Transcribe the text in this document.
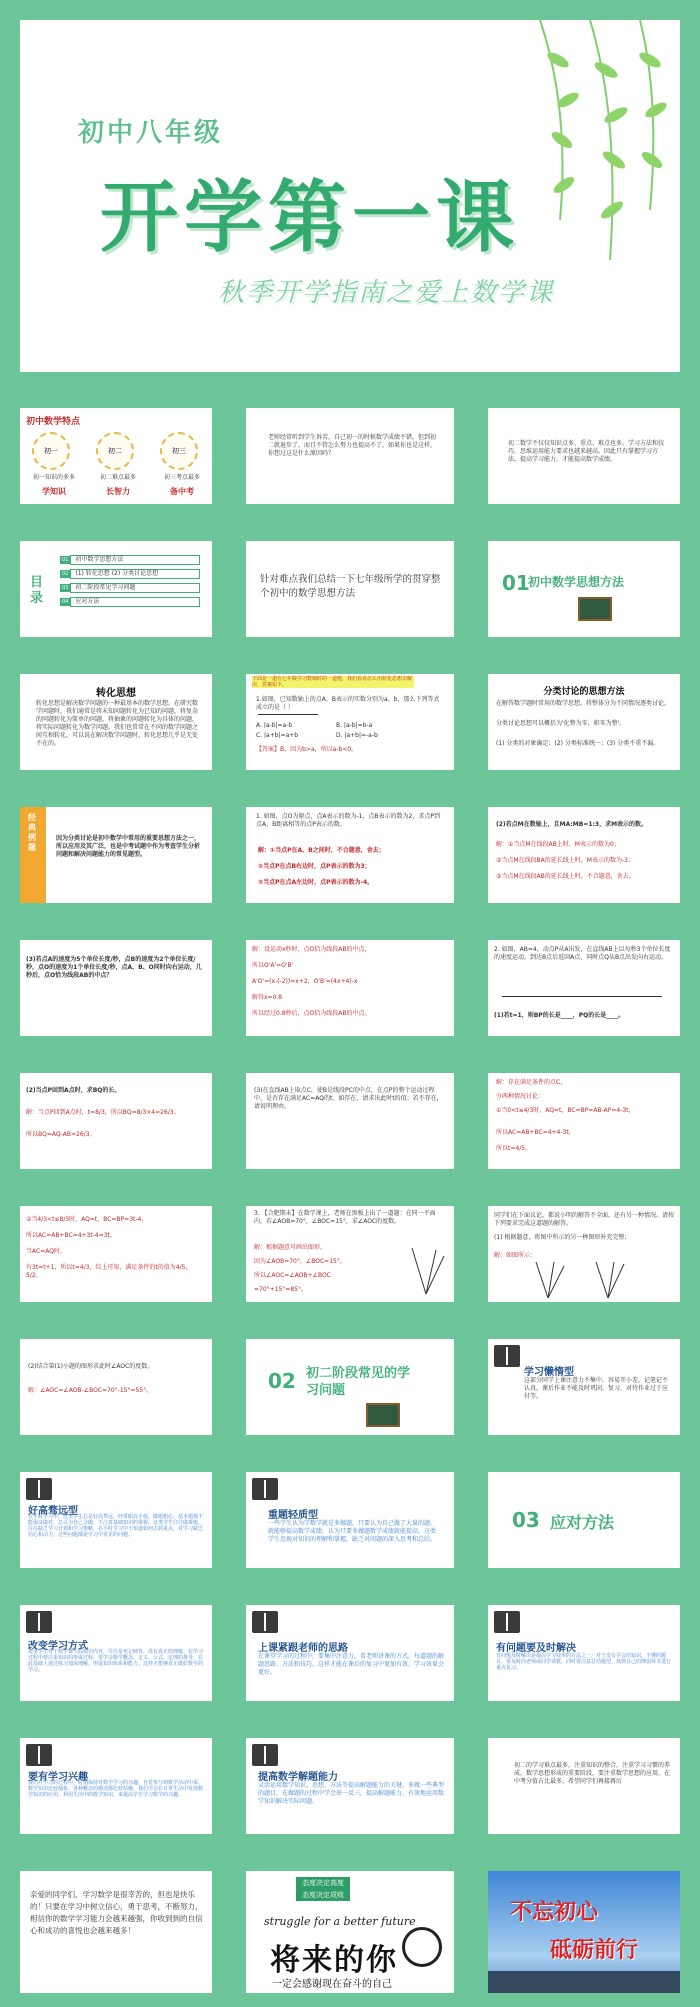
初中八年级
开学第一课
秋季开学指南之爱上数学课
初中数学特点
初一	初二	初三
初一知识的多多	初二难点最多	初三考点最多
学知识	长智力	备中考
老师经常听到学生诉苦，自己初一的时候数学成绩不错，但到初二就退步了，而且不管怎么努力也提高不了，如果你也是这样，你想过这是什么原因吗？
初二数学不仅仅知识点多、重点、难点也多。学习方法和技巧，思维运用能力要求也越来越高。因此只有掌握学习方法，提高学习能力，才能提高数学成绩。
目录
01	初中数学思想方法
02	(1) 转化思想 (2) 分类讨论思想
03	初二阶段常见学习问题
04	应对方法
针对难点我们总结一下七年级所学的贯穿整个初中的数学思想方法	01
初中数学思想方法
转化思想
转化思想是解决数学问题的一种最基本的数学思想。在研究数学问题时，我们通常是将未知问题转化为已知的问题，将复杂的问题转化为简单的问题，将抽象的问题转化为具体的问题，将实际问题转化为数学问题。我们也常常在不同的数学问题之间互相转化，可以说在解决数学问题时，转化思想几乎是无处不在的。
下面是一道在七年级学习数轴时的一道题，我们看看怎么用转化思想去解决，答案如下。
1.如图，已知数轴上的点A、B表示的实数分别为a、b，那么下列等式成立的是（ ）
A. |a-b|=a-b	B. |a-b|=b-a
C. |a+b|=a+b	D. |a+b|=-a-b
【答案】B，因为b>a，所以a-b<0。
分类讨论的思想方法
在解答数学题时常用的数学思想，将整体分为不同情况逐类讨论。
分类讨论思想可以概括为'化整为零，积零为整'。
(1) 分类的对象确定；(2) 分类标准统一；(3) 分类不重不漏。
经典例题
因为分类讨论是初中数学中常用的重要思想方法之一，所以应用及其广泛，也是中考试题中作为考查学生分析问题和解决问题能力的常见题型。
1. 如图，点O为原点，点A表示的数为-1，点B表示的数为2，求点P到点A、B距离相等的点P表示的数。
解：①当点P在A、B之间时，不合题意，舍去；
②当点P在点B右边时，点P表示的数为3；
③当点P在点A左边时，点P表示的数为-4。
(2)若点M在数轴上，且MA:MB=1:3，求M表示的数。
解：①当点M在线段AB上时，M表示的数为0；
②当点M在线段BA的延长线上时，M表示的数为-3；
③当点M在线段AB的延长线上时，不合题意，舍去。
(3)若点A的速度为5个单位长度/秒，点B的速度为2个单位长度/秒，点O的速度为1个单位长度/秒，点A、B、O同时向右运动，几秒后，点O恰为线段AB的中点？
解：设运动x秒时，点O恰为线段AB的中点，
所以O'A'=O'B'
A'O'=(x-(-2))=x+2，O'B'=(4x+4)-x
解得x=0.8
所以经过0.8秒后，点O恰为线段AB的中点。
2. 如图，AB=4，动点P从A出发，在直线AB上以每秒3个单位长度的速度运动，到达B点后返回A点，同时点Q从B点出发向右运动。
(1)若t=1，则BP的长是____，PQ的长是____。
(2)当点P回到A点时，求BQ的长。
解：当点P回到A点时，t=8/3，所以BQ=8/3×4=26/3。
所以BQ=AQ-AB=26/3。
(3)在直线AB上取点C，使B是线段PC的中点，在点P的整个运动过程中，是否存在满足AC=AQ的t，如存在，请求出此时t的值；若不存在，请说明理由。
解：存在满足条件的点C，
分两种情况讨论：
①当0<t≤4/3时，AQ=t，BC=BP=AB-AP=4-3t，
所以AC=AB+BC=4+4-3t，
所以t=4/5。
②当4/3<t≤8/3时，AQ=t，BC=BP=3t-4，
所以AC=AB+BC=4+3t-4=3t，
当AC=AQ时，
有3t=t+1，所以t=4/3，综上可知，满足条件的t的值为4/5，5/2。
3. 【合肥期末】在数学课上，老师在黑板上出了一道题：在同一平面内，若∠AOB=70°，∠BOC=15°，求∠AOC的度数。
解：根据题意可画出图形，
因为∠AOB=70°，∠BOC=15°，
所以∠AOC=∠AOB+∠BOC
=70°+15°=85°。
同学们在下面议论，都说小明的解答不全面，还有另一种情况。请按下列要求完成这道题的解答。
(1) 根据题意，将图中所示的另一种图形补充完整；
解：如图所示：
(2)结合第(1)小题的图形求此时∠AOC的度数。
解：∠AOC=∠AOB-∠BOC=70°-15°=55°。	02 初二阶段常见的学习问题
学习懒惰型
这部分同学上课注意力不集中，容易开小差，记笔记不认真，课后作业不能及时巩固，复习、对待作业过于应付等。
好高骛远型
在平时学习中，这类学生总是好高骛远，经常眼高手低，做题粗心，基本题都不能保证做对，总认为自己会做，不注意基础知识的掌握。这类学生往往做难题，往往缺乏学习计划和学习策略，在平时学习中不知道如何去抓重点，对学习缺乏信心和动力，这些问题都是学习中常见的问题。
重题轻质型
一些学生认为学数学就是多做题，只要认为自己做了大量的题，就能够提高数学成绩，认为只要多做题数学成绩就能提高。这类学生忽视对知识的理解和掌握，缺乏对问题的深入思考和总结。
03 应对方法
改变学习方式
很多学生对于数学课上面知识内容，往往是死记硬背，没有真正的理解。在学习过程中要注重知识的形成过程，要学会数学概念、定义、公式、定理的推导，在此基础上通过练习加深理解，形成知识体系和能力。这样才能够真正做好数学的学习。
上课紧跟老师的思路
在课堂学习的过程中，要集中注意力，看老师讲课的方式，每道题的解题思路、方法和技巧，这样才能在课后的复习中更加有效，学习效果会更好。
有问题要及时解决
有问题及时解决是提高学习效率的方法之一，对于没有学会的知识，不懂的题目，要及时向老师或同学请教，同时要注意总结题型，找到自己的薄弱环节进行重点复习。
要有学习兴趣
我们在学习的过程中，时刻保持对数学学习的兴趣，自觉参与到数学活动中来。数学知识比较抽象，各种概念的描述都比较枯燥，我们学会在日常生活中发现数学知识的应用，利用生活中的数学知识，来提高学生学习数学的兴趣。
提高数学解题能力
灵活运用数学知识、思想、方法等提高解题能力的关键。多做一些典型的题目，在做题的过程中学会举一反三，提高解题能力，有效地运用数学知识解决实际问题。
初二的学习难点最多，注重知识的整合，注重学习习惯的养成，数学思想形成的重要阶段，要注重数学思想的应用，在中考分值占比最多，希望同学们再接再厉
亲爱的同学们，学习数学是很幸苦的，但也是快乐的！只要在学习中树立信心，勇于思考，不断努力，相信你的数学学习能力会越来越强，你收到到的自信心和成功的喜悦也会越来越多！
态度决定高度
态度决定成败
struggle for a better future
将来的你
一定会感谢现在奋斗的自己
不忘初心
砥砺前行
